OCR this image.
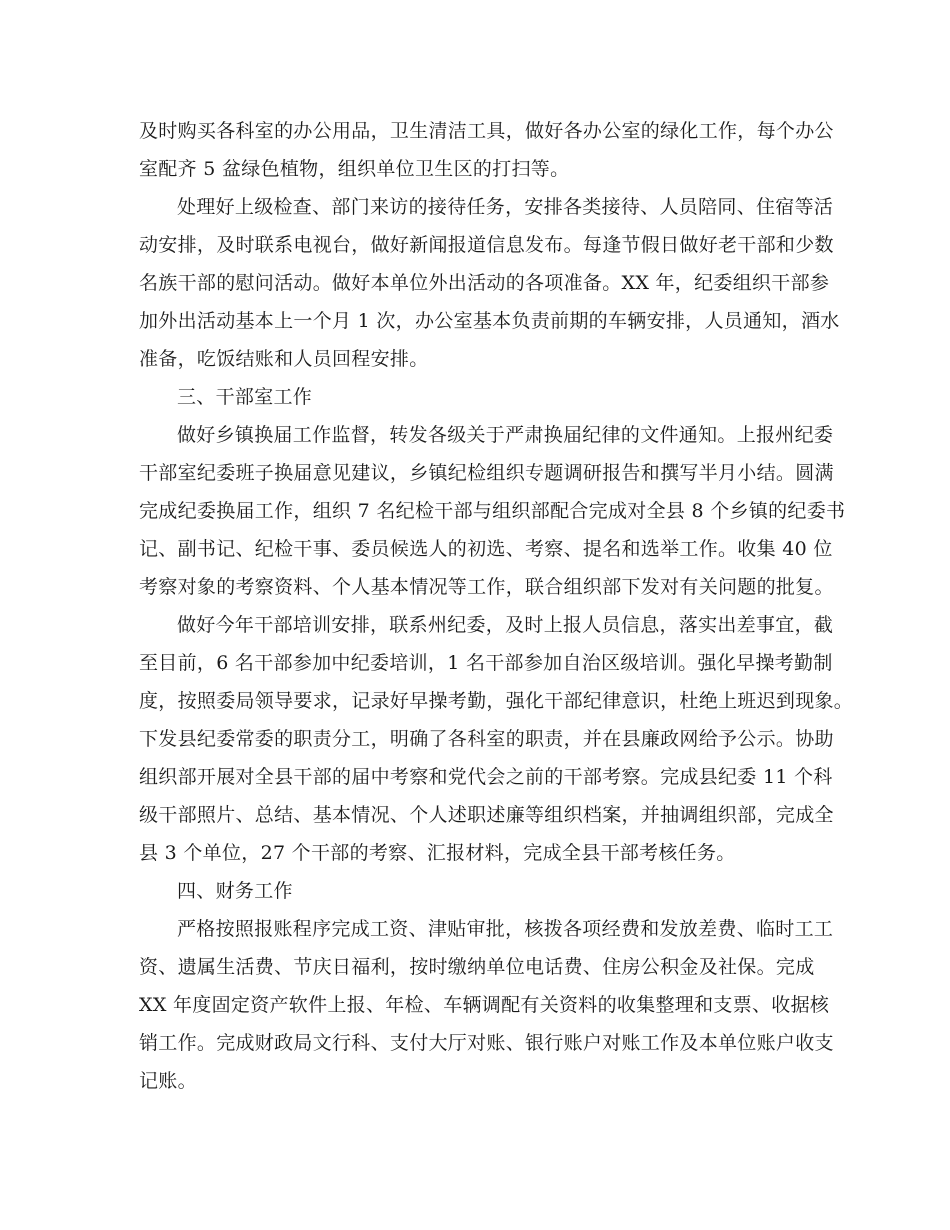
及时购买各科室的办公用品，卫生清洁工具，做好各办公室的绿化工作，每个办公
室配齐 5 盆绿色植物，组织单位卫生区的打扫等。
处理好上级检查、部门来访的接待任务，安排各类接待、人员陪同、住宿等活
动安排，及时联系电视台，做好新闻报道信息发布。每逢节假日做好老干部和少数
名族干部的慰问活动。做好本单位外出活动的各项准备。XX 年，纪委组织干部参
加外出活动基本上一个月 1 次，办公室基本负责前期的车辆安排，人员通知，酒水
准备，吃饭结账和人员回程安排。
三、干部室工作
做好乡镇换届工作监督，转发各级关于严肃换届纪律的文件通知。上报州纪委
干部室纪委班子换届意见建议，乡镇纪检组织专题调研报告和撰写半月小结。圆满
完成纪委换届工作，组织 7 名纪检干部与组织部配合完成对全县 8 个乡镇的纪委书
记、副书记、纪检干事、委员候选人的初选、考察、提名和选举工作。收集 40 位
考察对象的考察资料、个人基本情况等工作，联合组织部下发对有关问题的批复。
做好今年干部培训安排，联系州纪委，及时上报人员信息，落实出差事宜，截
至目前，6 名干部参加中纪委培训，1 名干部参加自治区级培训。强化早操考勤制
度，按照委局领导要求，记录好早操考勤，强化干部纪律意识，杜绝上班迟到现象。
下发县纪委常委的职责分工，明确了各科室的职责，并在县廉政网给予公示。协助
组织部开展对全县干部的届中考察和党代会之前的干部考察。完成县纪委 11 个科
级干部照片、总结、基本情况、个人述职述廉等组织档案，并抽调组织部，完成全
县 3 个单位，27 个干部的考察、汇报材料，完成全县干部考核任务。
四、财务工作
严格按照报账程序完成工资、津贴审批，核拨各项经费和发放差费、临时工工
资、遗属生活费、节庆日福利，按时缴纳单位电话费、住房公积金及社保。完成
XX 年度固定资产软件上报、年检、车辆调配有关资料的收集整理和支票、收据核
销工作。完成财政局文行科、支付大厅对账、银行账户对账工作及本单位账户收支
记账。
